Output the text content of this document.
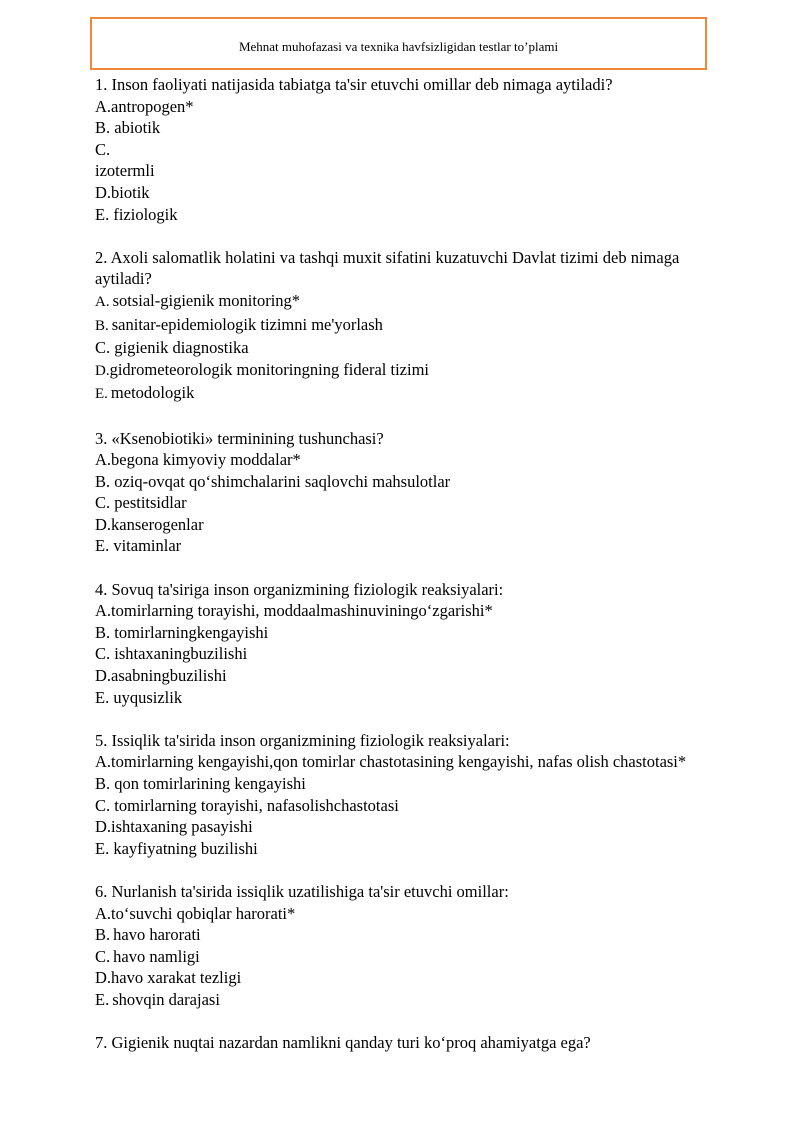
Mehnat muhofazasi va texnika havfsizligidan testlar to’plami

1. Inson faoliyati natijasida tabiatga ta'sir etuvchi omillar deb nimaga aytiladi?

A.antropogen*

B. abiotik

C.

izotermli

D.biotik

E. fiziologik

2. Axoli salomatlik holatini va tashqi muxit sifatini kuzatuvchi Davlat tizimi deb nimaga aytiladi?

A. sotsial-gigienik monitoring*

B. sanitar-epidemiologik tizimni me'yorlash

C. gigienik diagnostika

D.gidrometeorologik monitoringning fideral tizimi

E. metodologik

3. «Ksenobiotiki» terminining tushunchasi?

A.begona kimyoviy moddalar*

B. oziq-ovqat qo‘shimchalarini saqlovchi mahsulotlar

C. pestitsidlar

D.kanserogenlar

E. vitaminlar

4. Sovuq ta'siriga inson organizmining fiziologik reaksiyalari:

A.tomirlarning torayishi, moddaalmashinuviningo‘zgarishi*

B. tomirlarningkengayishi

C. ishtaxaningbuzilishi

D.asabningbuzilishi

E. uyqusizlik

5. Issiqlik ta'sirida inson organizmining fiziologik reaksiyalari:

A.tomirlarning kengayishi,qon tomirlar chastotasining kengayishi, nafas olish chastotasi*

B. qon tomirlarining kengayishi

C. tomirlarning torayishi, nafasolishchastotasi

D.ishtaxaning pasayishi

E. kayfiyatning buzilishi

6. Nurlanish ta'sirida issiqlik uzatilishiga ta'sir etuvchi omillar:

A.to‘suvchi qobiqlar harorati*

B. havo harorati

C. havo namligi

D.havo xarakat tezligi

E. shovqin darajasi

7. Gigienik nuqtai nazardan namlikni qanday turi ko‘proq ahamiyatga ega?
